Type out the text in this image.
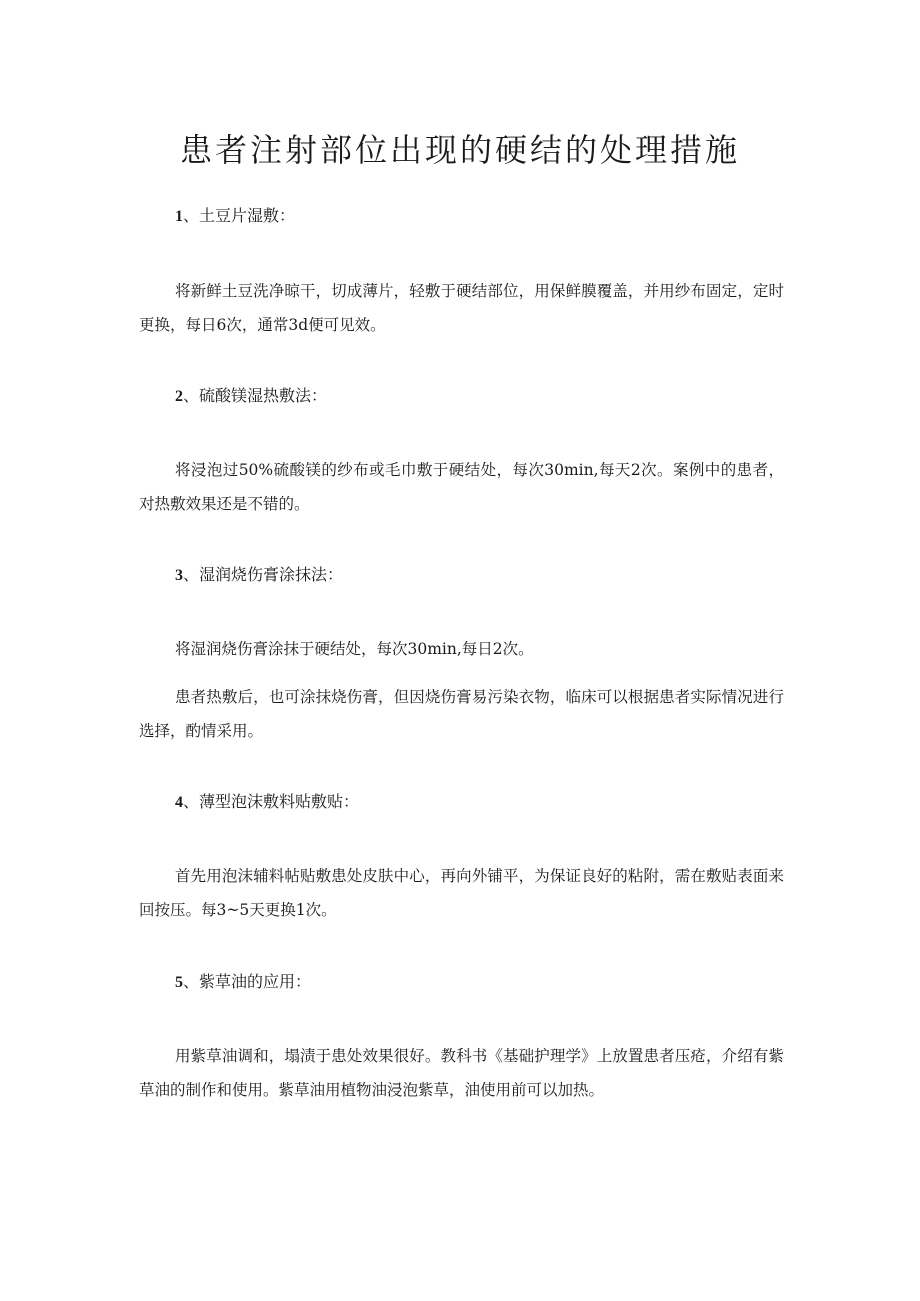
患者注射部位出现的硬结的处理措施
1、土豆片湿敷：

将新鲜土豆洗净晾干，切成薄片，轻敷于硬结部位，用保鲜膜覆盖，并用纱布固定，定时更换，每日6次，通常3d便可见效。

2、硫酸镁湿热敷法：

将浸泡过50%硫酸镁的纱布或毛巾敷于硬结处，每次30min,每天2次。案例中的患者，对热敷效果还是不错的。

3、湿润烧伤膏涂抹法：

将湿润烧伤膏涂抹于硬结处，每次30min,每日2次。

患者热敷后，也可涂抹烧伤膏，但因烧伤膏易污染衣物，临床可以根据患者实际情况进行选择，酌情采用。

4、薄型泡沫敷料贴敷贴：

首先用泡沫辅料帖贴敷患处皮肤中心，再向外铺平，为保证良好的粘附，需在敷贴表面来回按压。每3~5天更换1次。

5、紫草油的应用：

用紫草油调和，塌渍于患处效果很好。教科书《基础护理学》上放置患者压疮，介绍有紫草油的制作和使用。紫草油用植物油浸泡紫草，油使用前可以加热。
